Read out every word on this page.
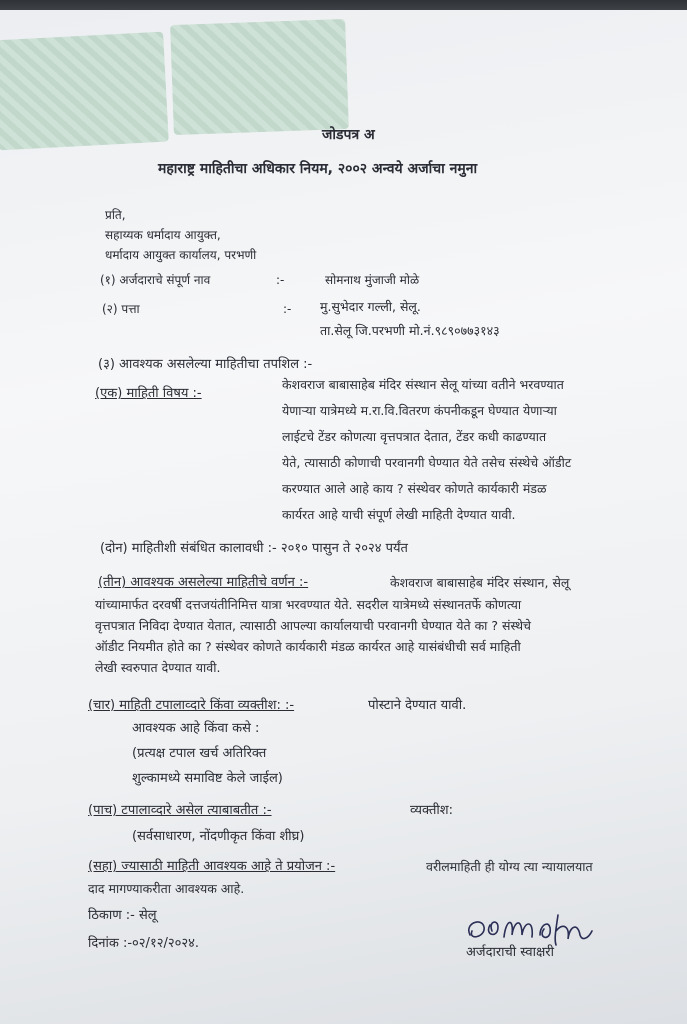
जोडपत्र अ
महाराष्ट्र माहितीचा अधिकार नियम, २००२ अन्वये अर्जाचा नमुना
प्रति,
सहाय्यक धर्मादाय आयुक्त,
धर्मादाय आयुक्त कार्यालय, परभणी
(१) अर्जदाराचे संपूर्ण नाव	:-	सोमनाथ मुंजाजी मोळे
(२) पत्ता	:- मु.सुभेदार गल्ली, सेलू.
ता.सेलू जि.परभणी मो.नं.९८९०७७३१४३
(३) आवश्यक असलेल्या माहितीचा तपशिल :-
(एक) माहिती विषय :-
केशवराज बाबासाहेब मंदिर संस्थान सेलू यांच्या वतीने भरवण्यात
येणाऱ्या यात्रेमध्ये म.रा.वि.वितरण कंपनीकडून घेण्यात येणाऱ्या
लाईटचे टेंडर कोणत्या वृत्तपत्रात देतात, टेंडर कधी काढण्यात
येते, त्यासाठी कोणाची परवानगी घेण्यात येते तसेच संस्थेचे ऑडीट
करण्यात आले आहे काय ? संस्थेवर कोणते कार्यकारी मंडळ
कार्यरत आहे याची संपूर्ण लेखी माहिती देण्यात यावी.
(दोन) माहितीशी संबंधित कालावधी :- २०१० पासुन ते २०२४ पर्यंत
(तीन) आवश्यक असलेल्या माहितीचे वर्णन :-	केशवराज बाबासाहेब मंदिर संस्थान, सेलू
यांच्यामार्फत दरवर्षी दत्तजयंतीनिमित्त यात्रा भरवण्यात येते. सदरील यात्रेमध्ये संस्थानतर्फे कोणत्या
वृत्तपत्रात निविदा देण्यात येतात, त्यासाठी आपल्या कार्यालयाची परवानगी घेण्यात येते का ? संस्थेचे
ऑडीट नियमीत होते का ? संस्थेवर कोणते कार्यकारी मंडळ कार्यरत आहे यासंबंधीची सर्व माहिती
लेखी स्वरुपात देण्यात यावी.
(चार) माहिती टपालाव्दारे किंवा व्यक्तीश: :-	पोस्टाने देण्यात यावी.
आवश्यक आहे किंवा कसे :
(प्रत्यक्ष टपाल खर्च अतिरिक्त
शुल्कामध्ये समाविष्ट केले जाईल)
(पाच) टपालाव्दारे असेल त्याबाबतीत :-	व्यक्तीश:
(सर्वसाधारण, नोंदणीकृत किंवा शीघ्र)
(सहा) ज्यासाठी माहिती आवश्यक आहे ते प्रयोजन :-	वरीलमाहिती ही योग्य त्या न्यायालयात
दाद मागण्याकरीता आवश्यक आहे.
ठिकाण :- सेलू
दिनांक :-०२/१२/२०२४.
अर्जदाराची स्वाक्षरी
